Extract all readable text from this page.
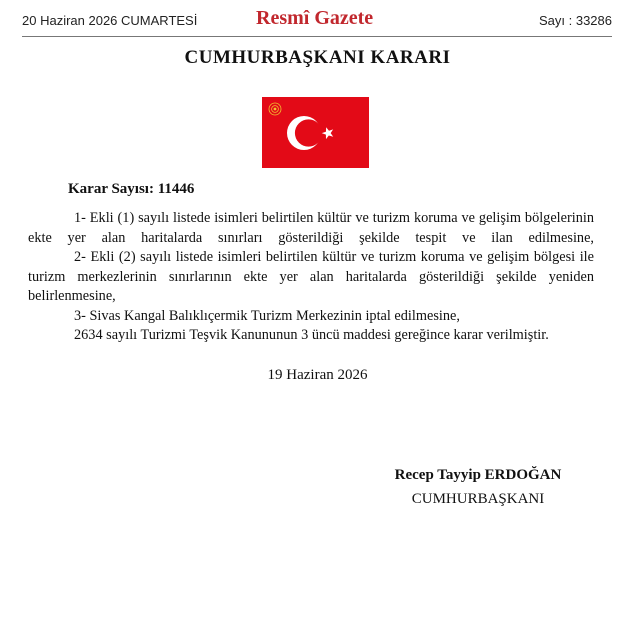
20 Haziran 2026 CUMARTESİ	Resmî Gazete	Sayı : 33286
CUMHURBAŞKANI KARARI
Karar Sayısı: 11446

1- Ekli (1) sayılı listede isimleri belirtilen kültür ve turizm koruma ve gelişim bölgelerinin ekte yer alan haritalarda sınırları gösterildiği şekilde tespit ve ilan edilmesine,

2- Ekli (2) sayılı listede isimleri belirtilen kültür ve turizm koruma ve gelişim bölgesi ile turizm merkezlerinin sınırlarının ekte yer alan haritalarda gösterildiği şekilde yeniden belirlenmesine,

3- Sivas Kangal Balıklıçermik Turizm Merkezinin iptal edilmesine,

2634 sayılı Turizmi Teşvik Kanununun 3 üncü maddesi gereğince karar verilmiştir.

19 Haziran 2026
Recep Tayyip ERDOĞAN
CUMHURBAŞKANI
